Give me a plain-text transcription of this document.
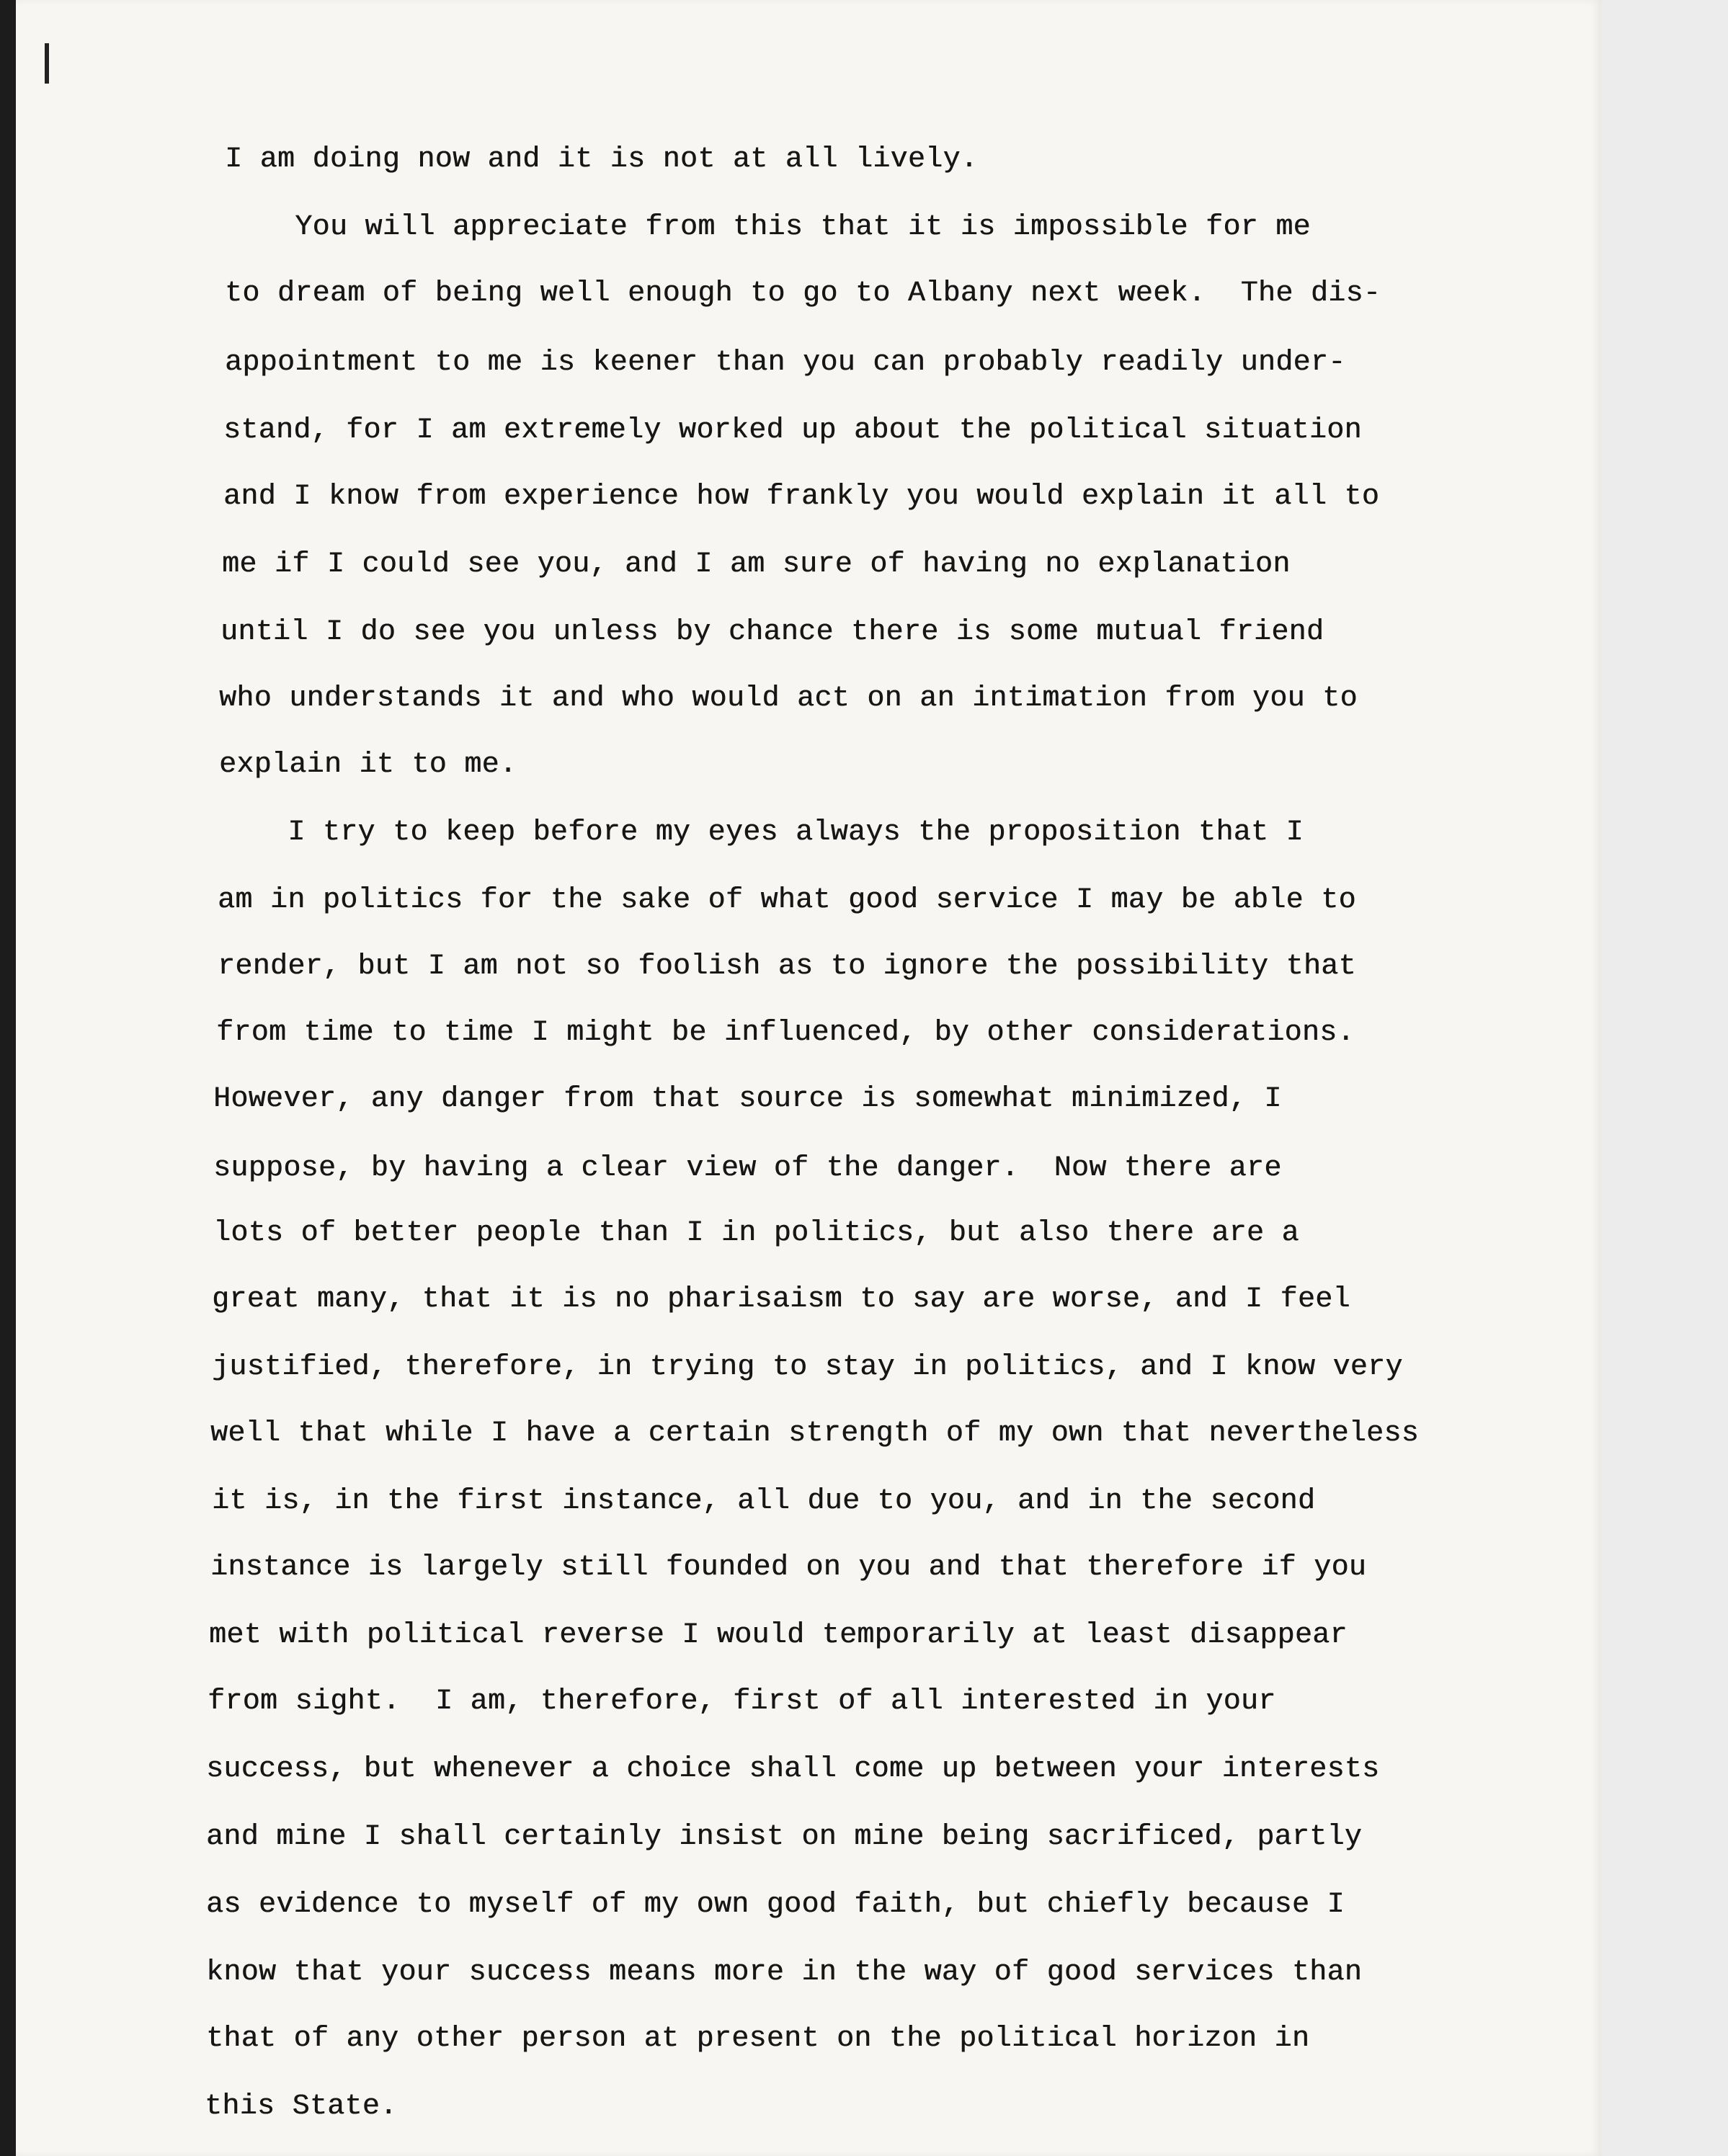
I am doing now and it is not at all lively.
You will appreciate from this that it is impossible for me
to dream of being well enough to go to Albany next week.  The dis-
appointment to me is keener than you can probably readily under-
stand, for I am extremely worked up about the political situation
and I know from experience how frankly you would explain it all to
me if I could see you, and I am sure of having no explanation
until I do see you unless by chance there is some mutual friend
who understands it and who would act on an intimation from you to
explain it to me.
I try to keep before my eyes always the proposition that I
am in politics for the sake of what good service I may be able to
render, but I am not so foolish as to ignore the possibility that
from time to time I might be influenced, by other considerations.
However, any danger from that source is somewhat minimized, I
suppose, by having a clear view of the danger.  Now there are
lots of better people than I in politics, but also there are a
great many, that it is no pharisaism to say are worse, and I feel
justified, therefore, in trying to stay in politics, and I know very
well that while I have a certain strength of my own that nevertheless
it is, in the first instance, all due to you, and in the second
instance is largely still founded on you and that therefore if you
met with political reverse I would temporarily at least disappear
from sight.  I am, therefore, first of all interested in your
success, but whenever a choice shall come up between your interests
and mine I shall certainly insist on mine being sacrificed, partly
as evidence to myself of my own good faith, but chiefly because I
know that your success means more in the way of good services than
that of any other person at present on the political horizon in
this State.
